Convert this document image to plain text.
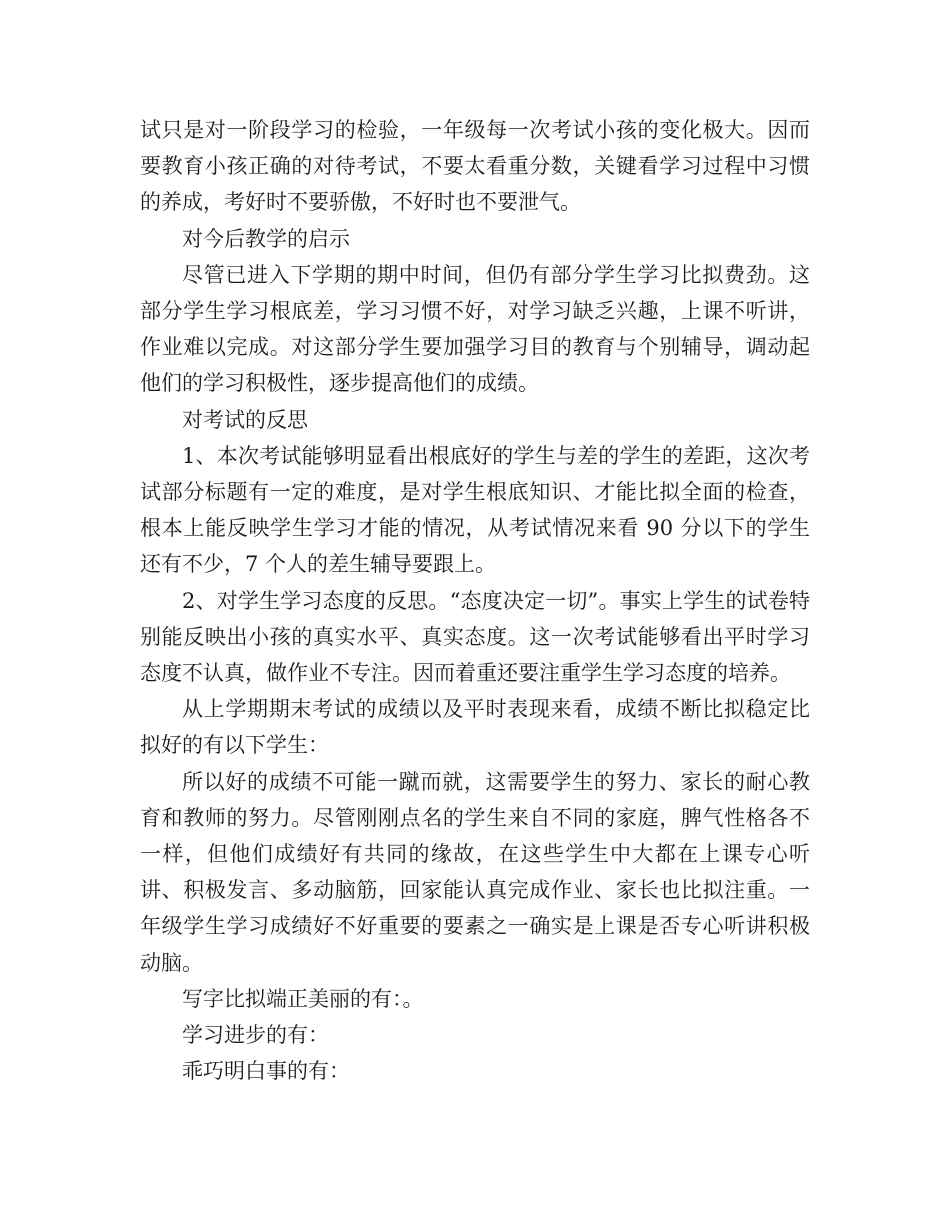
试只是对一阶段学习的检验，一年级每一次考试小孩的变化极大。因而要教育小孩正确的对待考试，不要太看重分数，关键看学习过程中习惯的养成，考好时不要骄傲，不好时也不要泄气。

对今后教学的启示

尽管已进入下学期的期中时间，但仍有部分学生学习比拟费劲。这部分学生学习根底差，学习习惯不好，对学习缺乏兴趣，上课不听讲，作业难以完成。对这部分学生要加强学习目的教育与个别辅导，调动起他们的学习积极性，逐步提高他们的成绩。

对考试的反思

1、本次考试能够明显看出根底好的学生与差的学生的差距，这次考试部分标题有一定的难度，是对学生根底知识、才能比拟全面的检查，根本上能反映学生学习才能的情况，从考试情况来看 90 分以下的学生还有不少，7 个人的差生辅导要跟上。

2、对学生学习态度的反思。“态度决定一切”。事实上学生的试卷特别能反映出小孩的真实水平、真实态度。这一次考试能够看出平时学习态度不认真，做作业不专注。因而着重还要注重学生学习态度的培养。

从上学期期末考试的成绩以及平时表现来看，成绩不断比拟稳定比拟好的有以下学生：

所以好的成绩不可能一蹴而就，这需要学生的努力、家长的耐心教育和教师的努力。尽管刚刚点名的学生来自不同的家庭，脾气性格各不一样，但他们成绩好有共同的缘故，在这些学生中大都在上课专心听讲、积极发言、多动脑筋，回家能认真完成作业、家长也比拟注重。一年级学生学习成绩好不好重要的要素之一确实是上课是否专心听讲积极动脑。

写字比拟端正美丽的有：。

学习进步的有：

乖巧明白事的有：
